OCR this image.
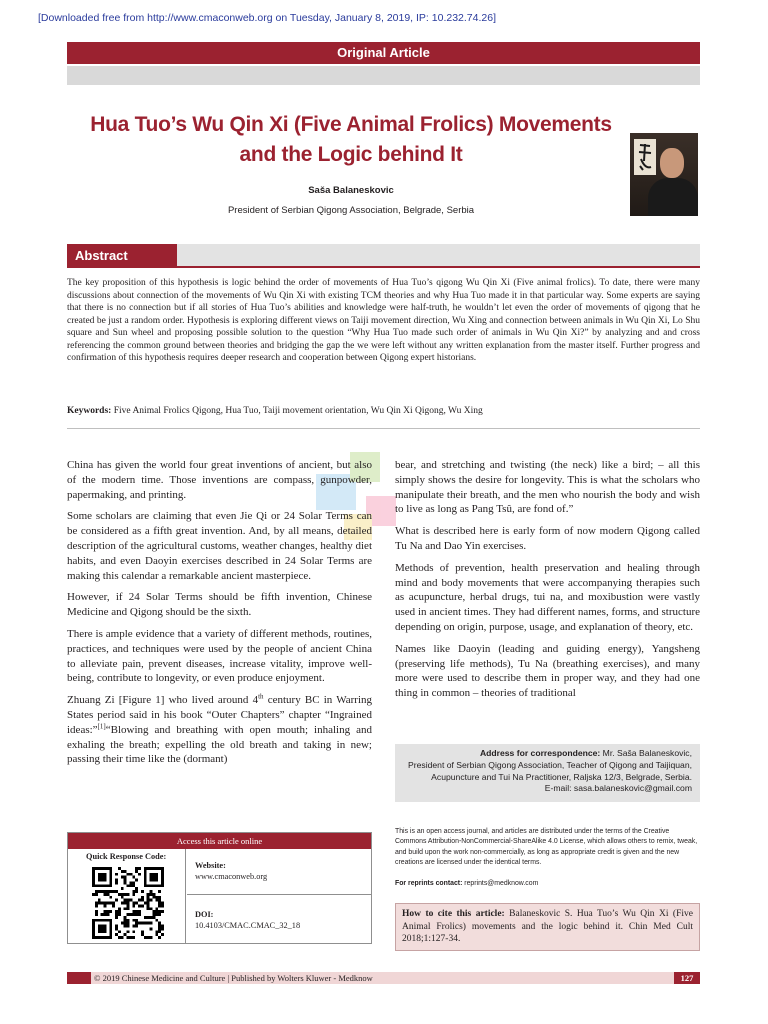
[Downloaded free from http://www.cmaconweb.org on Tuesday, January 8, 2019, IP: 10.232.74.26]
Original Article
Hua Tuo’s Wu Qin Xi (Five Animal Frolics) Movements
and the Logic behind It
Saša Balaneskovic
President of Serbian Qigong Association, Belgrade, Serbia
Abstract
The key proposition of this hypothesis is logic behind the order of movements of Hua Tuo’s qigong Wu Qin Xi (Five animal frolics). To date, there were many discussions about connection of the movements of Wu Qin Xi with existing TCM theories and why Hua Tuo made it in that particular way. Some experts are saying that there is no connection but if all stories of Hua Tuo’s abilities and knowledge were half-truth, he wouldn’t let even the order of movements of qigong that he created be just a random order. Hypothesis is exploring different views on Taiji movement direction, Wu Xing and connection between animals in Wu Qin Xi, Lo Shu square and Sun wheel and proposing possible solution to the question “Why Hua Tuo made such order of animals in Wu Qin Xi?” by analyzing and and cross referencing the common ground between theories and bridging the gap the we were left without any written explanation from the master itself. Further progress and confirmation of this hypothesis requires deeper research and cooperation between Qigong expert historians.
Keywords: Five Animal Frolics Qigong, Hua Tuo, Taiji movement orientation, Wu Qin Xi Qigong, Wu Xing

China has given the world four great inventions of ancient, but also of the modern time. Those inventions are compass, gunpowder, papermaking, and printing.

Some scholars are claiming that even Jie Qi or 24 Solar Terms can be considered as a fifth great invention. And, by all means, detailed description of the agricultural customs, weather changes, healthy diet habits, and even Daoyin exercises described in 24 Solar Terms are making this calendar a remarkable ancient masterpiece.

However, if 24 Solar Terms should be fifth invention, Chinese Medicine and Qigong should be the sixth.

There is ample evidence that a variety of different methods, routines, practices, and techniques were used by the people of ancient China to alleviate pain, prevent diseases, increase vitality, improve well-being, contribute to longevity, or even produce enjoyment.

Zhuang Zi [Figure 1] who lived around 4th century BC in Warring States period said in his book “Outer Chapters” chapter “Ingrained ideas:”[1]“Blowing and breathing with open mouth; inhaling and exhaling the breath; expelling the old breath and taking in new; passing their time like the (dormant)

bear, and stretching and twisting (the neck) like a bird; – all this simply shows the desire for longevity. This is what the scholars who manipulate their breath, and the men who nourish the body and wish to live as long as Pang Tsû, are fond of.”

What is described here is early form of now modern Qigong called Tu Na and Dao Yin exercises.

Methods of prevention, health preservation and healing through mind and body movements that were accompanying therapies such as acupuncture, herbal drugs, tui na, and moxibustion were vastly used in ancient times. They had different names, forms, and structure depending on origin, purpose, usage, and explanation of theory, etc.

Names like Daoyin (leading and guiding energy), Yangsheng (preserving life methods), Tu Na (breathing exercises), and many more were used to describe them in proper way, and they had one thing in common – theories of traditional

Address for correspondence: Mr. Saša Balaneskovic,
President of Serbian Qigong Association, Teacher of Qigong and Taijiquan,
Acupuncture and Tui Na Practitioner, Raljska 12/3, Belgrade, Serbia.
E-mail: sasa.balaneskovic@gmail.com
This is an open access journal, and articles are distributed under the terms of the Creative Commons Attribution-NonCommercial-ShareAlike 4.0 License, which allows others to remix, tweak, and build upon the work non-commercially, as long as appropriate credit is given and the new creations are licensed under the identical terms.
For reprints contact: reprints@medknow.com
How to cite this article: Balaneskovic S. Hua Tuo’s Wu Qin Xi (Five Animal Frolics) movements and the logic behind it. Chin Med Cult 2018;1:127-34.
Access this article online
Quick Response Code:
Website:
www.cmaconweb.org
DOI:
10.4103/CMAC.CMAC_32_18
© 2019 Chinese Medicine and Culture | Published by Wolters Kluwer - Medknow	127
